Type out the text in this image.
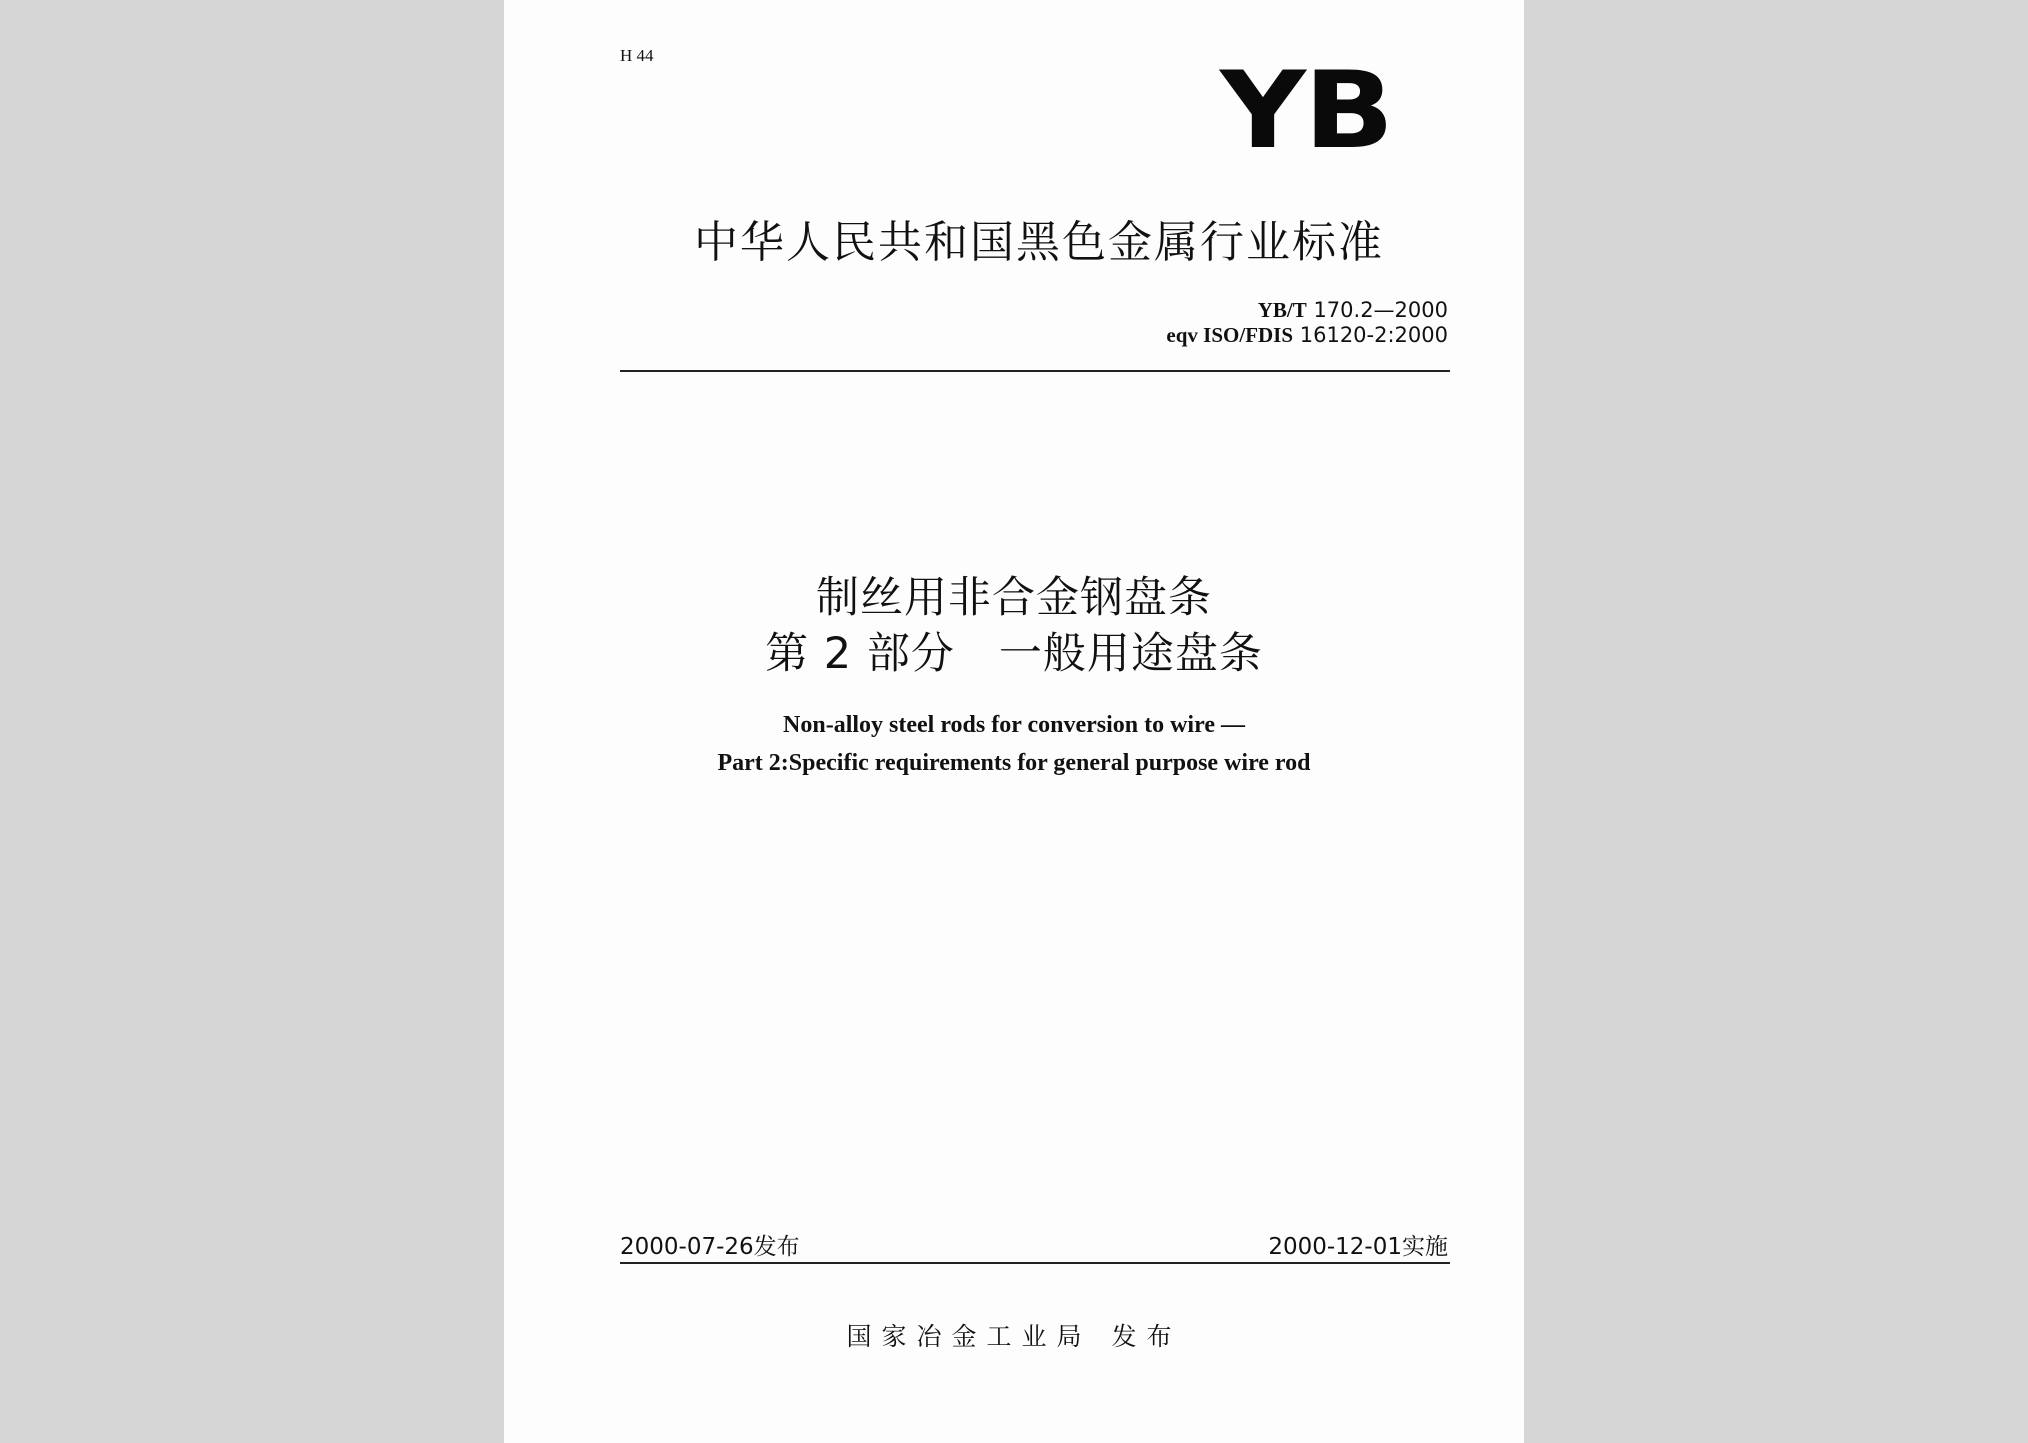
H 44	YB
中华人民共和国黑色金属行业标准
YB/T 170.2—2000
eqv ISO/FDIS 16120-2:2000
制丝用非合金钢盘条
第 2 部分　一般用途盘条
Non-alloy steel rods for conversion to wire —
Part 2:Specific requirements for general purpose wire rod
2000-07-26发布	2000-12-01实施
国家冶金工业局 发布
